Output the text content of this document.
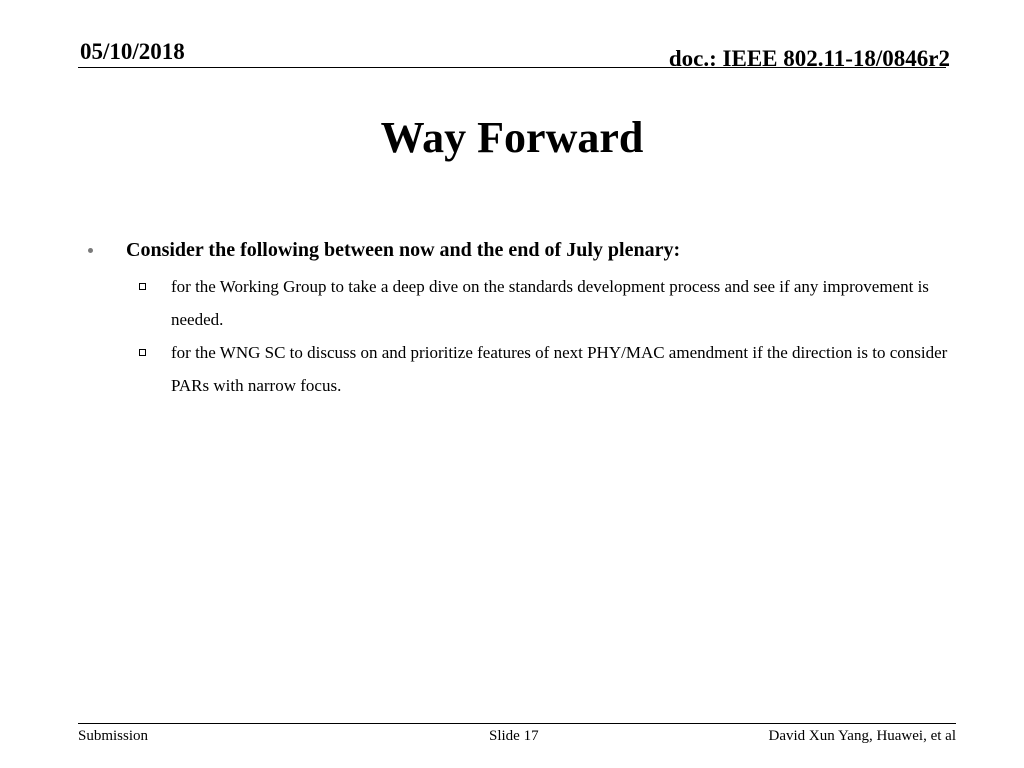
05/10/2018	doc.: IEEE 802.11-18/0846r2
Way Forward
Consider the following between now and the end of July plenary:
for the Working Group to take a deep dive on the standards development process and see if any improvement is needed.
for the WNG SC to discuss on and prioritize features of next PHY/MAC amendment if the direction is to consider PARs with narrow focus.
Submission	Slide 17	David Xun Yang, Huawei, et al
